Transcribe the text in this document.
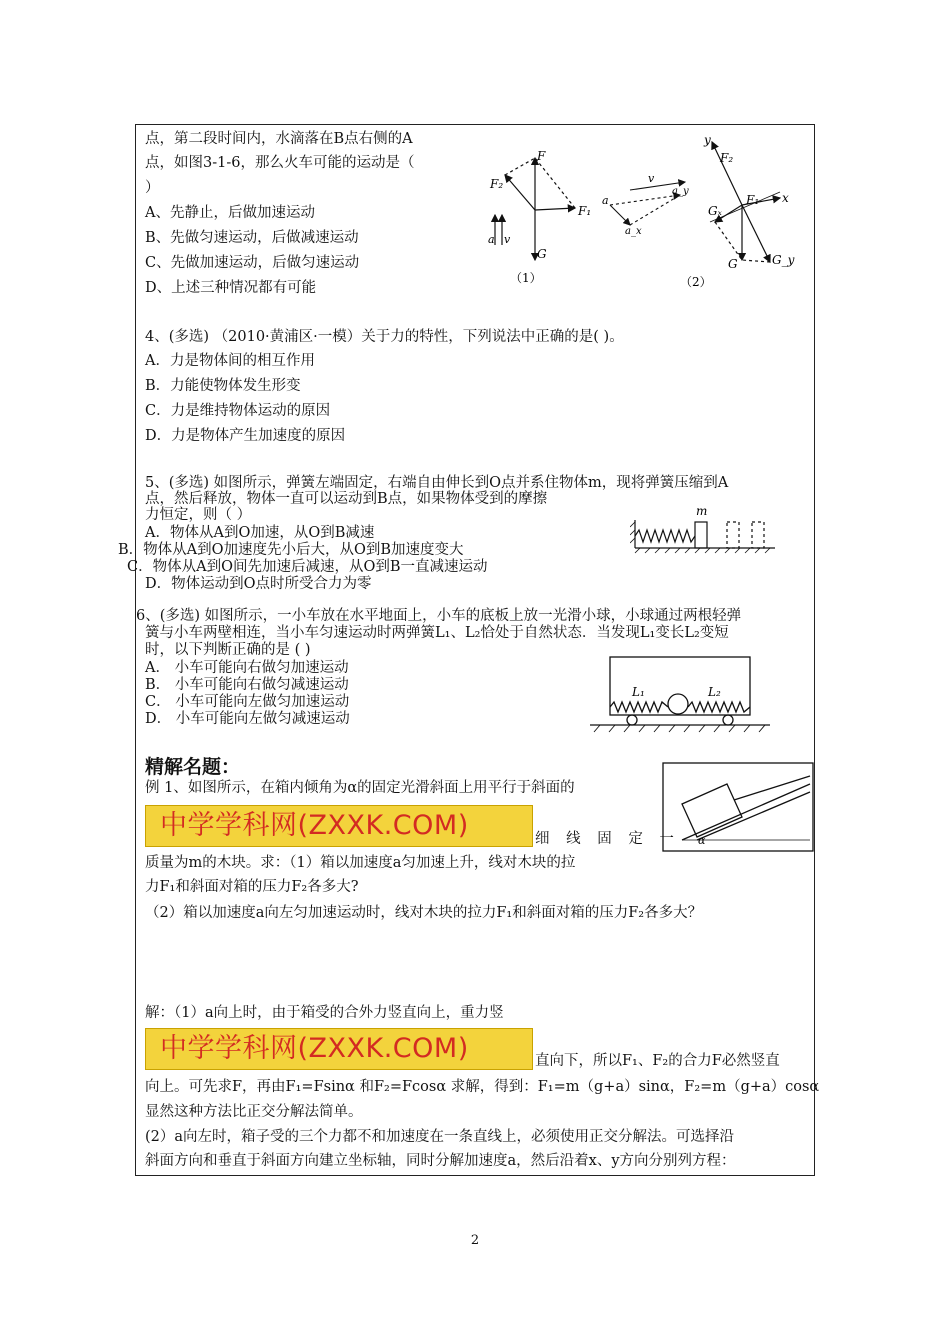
点，第二段时间内，水滴落在B点右侧的A
点，如图3-1-6，那么火车可能的运动是（
）
A、先静止，后做加速运动
B、先做匀速运动，后做减速运动
C、先做加速运动，后做匀速运动
D、上述三种情况都有可能
F
F₁
F₂
G
a v
（1）
v
a
a_y
a_x
y
F₂
F₁ x
Gₓ
G	G_y
（2）
4、(多选) （2010·黄浦区·一模）关于力的特性，下列说法中正确的是( )。
A．力是物体间的相互作用
B．力能使物体发生形变
C．力是维持物体运动的原因
D．力是物体产生加速度的原因
5、(多选) 如图所示，弹簧左端固定，右端自由伸长到O点并系住物体m，现将弹簧压缩到A
点，然后释放，物体一直可以运动到B点，如果物体受到的摩擦
力恒定，则（ ）
A．物体从A到O加速，从O到B减速
B．物体从A到O加速度先小后大，从O到B加速度变大
C．物体从A到O间先加速后减速，从O到B一直减速运动
D．物体运动到O点时所受合力为零
m
6、(多选) 如图所示，一小车放在水平地面上，小车的底板上放一光滑小球，小球通过两根轻弹
簧与小车两壁相连，当小车匀速运动时两弹簧L₁、L₂恰处于自然状态．当发现L₁变长L₂变短
时，以下判断正确的是 ( )
A． 小车可能向右做匀加速运动
B． 小车可能向右做匀减速运动
C． 小车可能向左做匀加速运动
D． 小车可能向左做匀减速运动
L₁	L₂
精解名题：
例 1、如图所示，在箱内倾角为α的固定光滑斜面上用平行于斜面的
中学学科网(ZXXK.COM)	细 线 固 定 一
质量为m的木块。求：（1）箱以加速度a匀加速上升，线对木块的拉
力F₁和斜面对箱的压力F₂各多大?
（2）箱以加速度a向左匀加速运动时，线对木块的拉力F₁和斜面对箱的压力F₂各多大？
α
解：（1）a向上时，由于箱受的合外力竖直向上，重力竖
中学学科网(ZXXK.COM)	直向下，所以F₁、F₂的合力F必然竖直
向上。可先求F，再由F₁=Fsinα 和F₂=Fcosα 求解，得到：F₁=m（g+a）sinα，F₂=m（g+a）cosα
显然这种方法比正交分解法简单。
(2）a向左时，箱子受的三个力都不和加速度在一条直线上，必须使用正交分解法。可选择沿
斜面方向和垂直于斜面方向建立坐标轴，同时分解加速度a，然后沿着x、y方向分别列方程：
2
